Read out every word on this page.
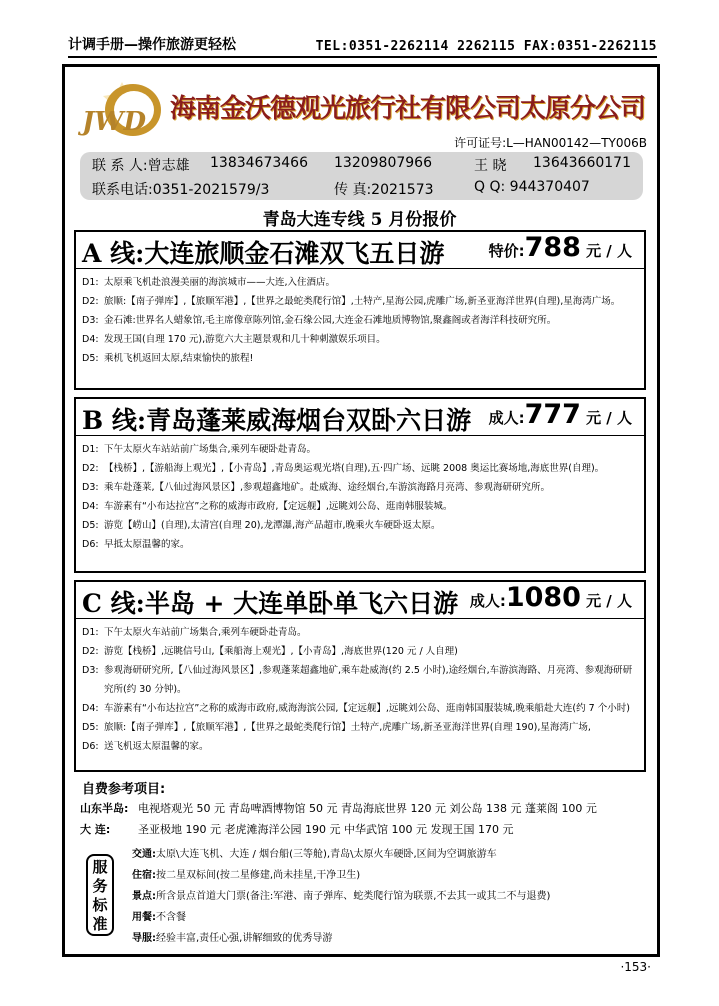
计调手册—操作旅游更轻松	TEL:0351-2262114 2262115 FAX:0351-2262115
JWD 海南金沃德观光旅行社有限公司太原分公司
许可证号:L—HAN00142—TY006B
联 系 人:曾志雄 13834673466 13209807966	王 晓 13643660171
联系电话:0351-2021579/3	传 真:2021573	Q Q: 944370407
青岛大连专线 5 月份报价
A 线:大连旅顺金石滩双飞五日游	特价:788 元 / 人
D1: 太原乘飞机赴浪漫美丽的海滨城市——大连,入住酒店。
D2: 旅顺:【南子弹库】,【旅顺军港】,【世界之最蛇类爬行馆】,土特产,星海公园,虎雕广场,新圣亚海洋世界(自理),星海湾广场。
D3: 金石滩:世界名人蜡象馆,毛主席像章陈列馆,金石缘公园,大连金石滩地质博物馆,聚鑫阁或者海洋科技研究所。
D4: 发现王国(自理 170 元),游览六大主题景观和几十种刺激娱乐项目。
D5: 乘机飞机返回太原,结束愉快的旅程!
B 线:青岛蓬莱威海烟台双卧六日游 成人:777 元 / 人
D1: 下午太原火车站站前广场集合,乘列车硬卧赴青岛。
D2: 【栈桥】,【游船海上观光】,【小青岛】,青岛奥运观光塔(自理),五·四广场、远眺 2008 奥运比赛场地,海底世界(自理)。
D3: 乘车赴蓬莱,【八仙过海风景区】,参观超鑫地矿。赴威海、途经烟台,车游滨海路月亮湾、参观海研研究所。
D4: 车游素有“小布达拉宫”之称的威海市政府,【定远舰】,远眺刘公岛、逛南韩服装城。
D5: 游览【崂山】(自理),太清宫(自理 20),龙潭瀑,海产品超市,晚乘火车硬卧返太原。
D6: 早抵太原温馨的家。
C 线:半岛 + 大连单卧单飞六日游 成人:1080 元 / 人
D1: 下午太原火车站前广场集合,乘列车硬卧赴青岛。
D2: 游览【栈桥】,远眺信号山,【乘船海上观光】,【小青岛】,海底世界(120 元 / 人自理)
D3: 参观海研研究所,【八仙过海风景区】,参观蓬莱超鑫地矿,乘车赴威海(约 2.5 小时),途经烟台,车游滨海路、月亮湾、参观海研研究所(约 30 分钟)。
D4: 车游素有“小布达拉宫”之称的威海市政府,威海海滨公园,【定远舰】,远眺刘公岛、逛南韩国服装城,晚乘船赴大连(约 7 个小时)
D5: 旅顺:【南子弹库】,【旅顺军港】,【世界之最蛇类爬行馆】土特产,虎雕广场,新圣亚海洋世界(自理 190),星海湾广场,
D6: 送飞机返太原温馨的家。
自费参考项目:
山东半岛: 电视塔观光 50 元 青岛啤酒博物馆 50 元 青岛海底世界 120 元 刘公岛 138 元 蓬莱阁 100 元
大 连:	圣亚极地 190 元 老虎滩海洋公园 190 元 中华武馆 100 元 发现王国 170 元
服务标准
交通:太原\大连飞机、大连 / 烟台船(三等舱),青岛\太原火车硬卧,区间为空调旅游车
住宿:按二星双标间(按二星修建,尚未挂星,干净卫生)
景点:所含景点首道大门票(备注:军港、南子弹库、蛇类爬行馆为联票,不去其一或其二不与退费)
用餐:不含餐
导服:经验丰富,责任心强,讲解细致的优秀导游
·153·
